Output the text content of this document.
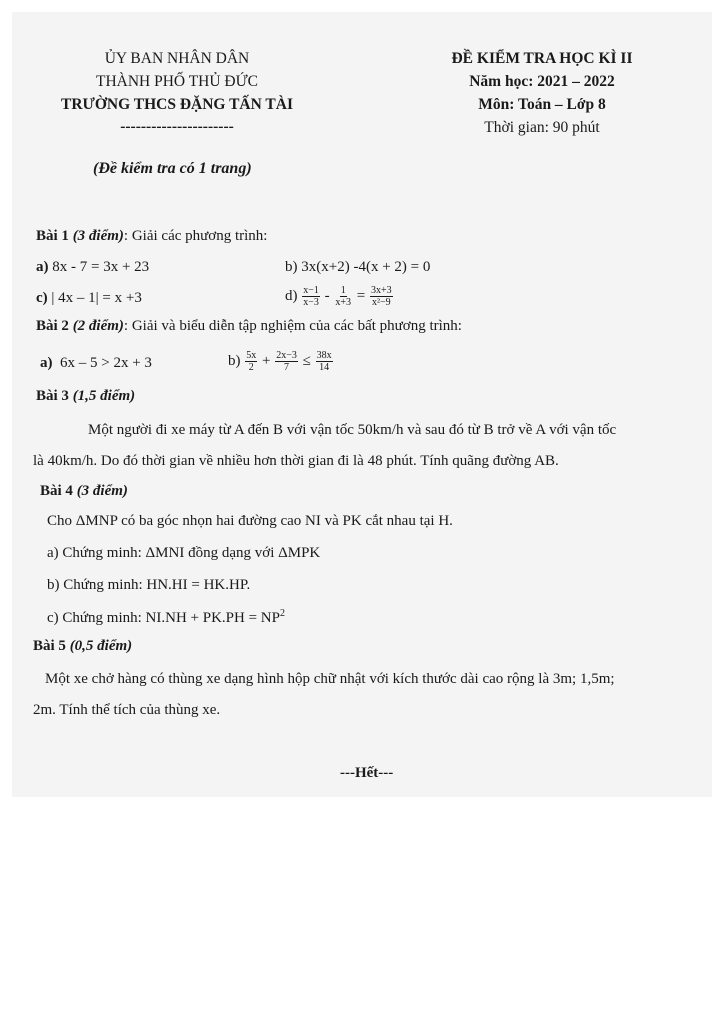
ỦY BAN NHÂN DÂN
THÀNH PHỐ THỦ ĐỨC
TRƯỜNG THCS ĐẶNG TẤN TÀI
----------------------
ĐỀ KIỂM TRA HỌC KÌ II
Năm học: 2021 – 2022
Môn: Toán – Lớp 8
Thời gian: 90 phút
(Đề kiểm tra có 1 trang)
Bài 1 (3 điểm): Giải các phương trình:
a) 8x - 7 = 3x + 23	b) 3x(x+2) -4(x + 2) = 0
c) | 4x – 1| = x +3	$d) \frac{x-1}{x-3} - \frac{1}{x+3} = \frac{3x+3}{\text{x²−9}}$
Bài 2 (2 điểm): Giải và biểu diễn tập nghiệm của các bất phương trình:
a) 6x – 5 > 2x + 3	$b) \frac{5x}{2} + \frac{2x-3}{7} \le \frac{38x}{14}$
Bài 3 (1,5 điểm)
Một người đi xe máy từ A đến B với vận tốc 50km/h và sau đó từ B trở về A với vận tốc
là 40km/h. Do đó thời gian về nhiều hơn thời gian đi là 48 phút. Tính quãng đường AB.
Bài 4 (3 điểm)
Cho ΔMNP có ba góc nhọn hai đường cao NI và PK cắt nhau tại H.
a) Chứng minh: ΔMNI đồng dạng với ΔMPK
b) Chứng minh: HN.HI = HK.HP.
c) Chứng minh: $NI.NH + PK.PH = NP^2$
Bài 5 (0,5 điểm)
Một xe chở hàng có thùng xe dạng hình hộp chữ nhật với kích thước dài cao rộng là 3m; 1,5m;
2m. Tính thể tích của thùng xe.
---Hết---
